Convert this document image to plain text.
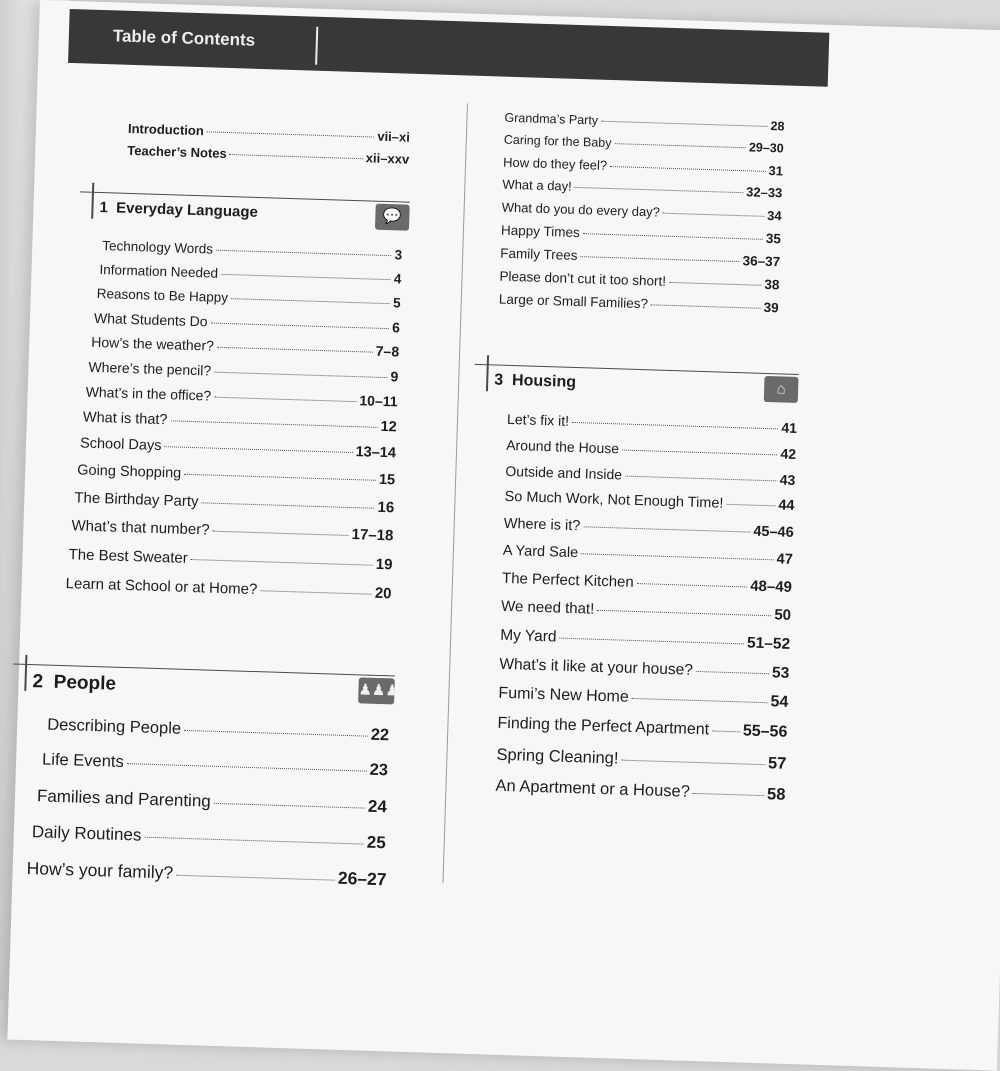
Table of Contents
Introduction	vii–xi
Teacher’s Notes	xii–xxv
1 Everyday Language	💬
Technology Words	3
Information Needed	4
Reasons to Be Happy	5
What Students Do	6
How’s the weather?	7–8
Where’s the pencil?	9
What’s in the office?	10–11
What is that?	12
School Days	13–14
Going Shopping	15
The Birthday Party	16
What’s that number?	17–18
The Best Sweater	19
Learn at School or at Home?	20
2 People	♟♟♟
Describing People	22
Life Events	23
Families and Parenting	24
Daily Routines	25
How’s your family?	26–27
Grandma’s Party	28
Caring for the Baby	29–30
How do they feel?	31
What a day!	32–33
What do you do every day?	34
Happy Times	35
Family Trees	36–37
Please don’t cut it too short!	38
Large or Small Families?	39
3 Housing	⌂
Let’s fix it!	41
Around the House	42
Outside and Inside	43
So Much Work, Not Enough Time!	44
Where is it?	45–46
A Yard Sale	47
The Perfect Kitchen	48–49
We need that!	50
My Yard	51–52
What’s it like at your house?	53
Fumi’s New Home	54
Finding the Perfect Apartment 55–56
Spring Cleaning!	57
An Apartment or a House?	58
